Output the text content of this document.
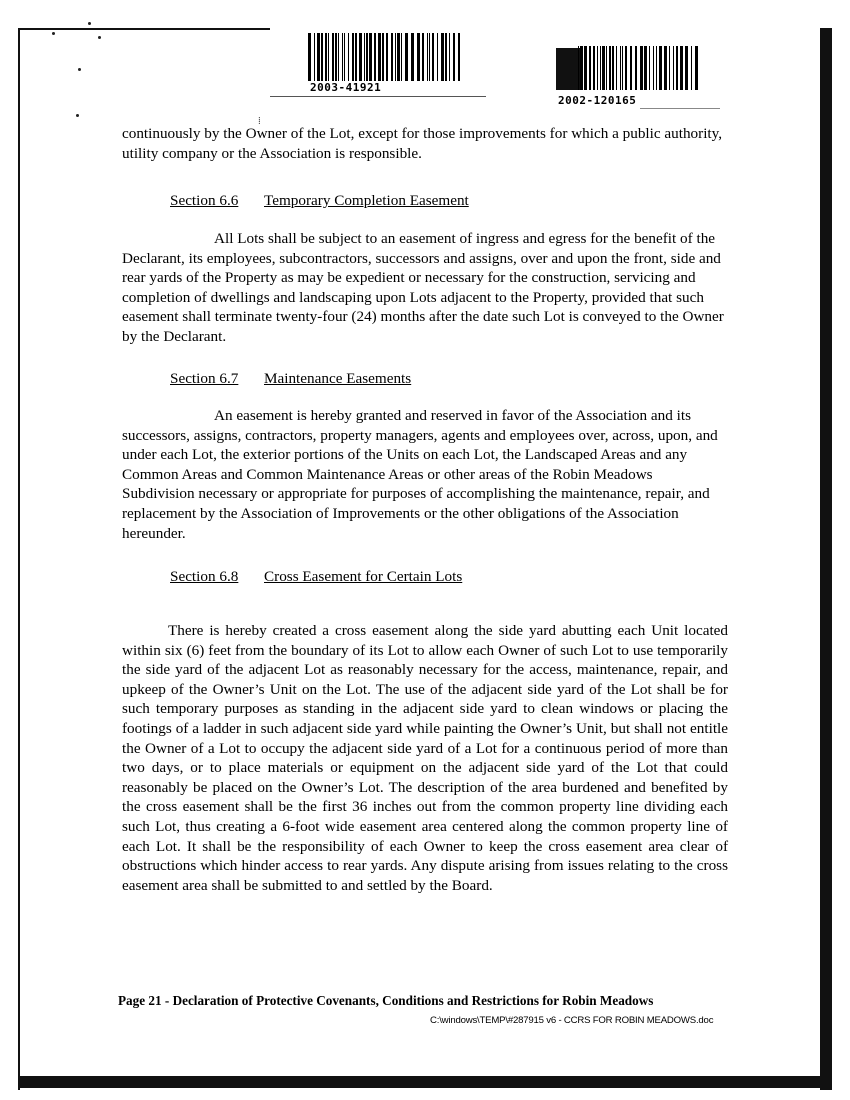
2003-41921
2002-120165
⁞

continuously by the Owner of the Lot, except for those improvements for which a public authority, utility company or the Association is responsible.

Section 6.6 Temporary Completion Easement

All Lots shall be subject to an easement of ingress and egress for the benefit of the Declarant, its employees, subcontractors, successors and assigns, over and upon the front, side and rear yards of the Property as may be expedient or necessary for the construction, servicing and completion of dwellings and landscaping upon Lots adjacent to the Property, provided that such easement shall terminate twenty-four (24) months after the date such Lot is conveyed to the Owner by the Declarant.

Section 6.7 Maintenance Easements

An easement is hereby granted and reserved in favor of the Association and its successors, assigns, contractors, property managers, agents and employees over, across, upon, and under each Lot, the exterior portions of the Units on each Lot, the Landscaped Areas and any Common Areas and Common Maintenance Areas or other areas of the Robin Meadows Subdivision necessary or appropriate for purposes of accomplishing the maintenance, repair, and replacement by the Association of Improvements or the other obligations of the Association hereunder.

Section 6.8 Cross Easement for Certain Lots

There is hereby created a cross easement along the side yard abutting each Unit located within six (6) feet from the boundary of its Lot to allow each Owner of such Lot to use temporarily the side yard of the adjacent Lot as reasonably necessary for the access, maintenance, repair, and upkeep of the Owner’s Unit on the Lot. The use of the adjacent side yard of the Lot shall be for such temporary purposes as standing in the adjacent side yard to clean windows or placing the footings of a ladder in such adjacent side yard while painting the Owner’s Unit, but shall not entitle the Owner of a Lot to occupy the adjacent side yard of a Lot for a continuous period of more than two days, or to place materials or equipment on the adjacent side yard of the Lot that could reasonably be placed on the Owner’s Lot. The description of the area burdened and benefited by the cross easement shall be the first 36 inches out from the common property line dividing each such Lot, thus creating a 6-foot wide easement area centered along the common property line of each Lot. It shall be the responsibility of each Owner to keep the cross easement area clear of obstructions which hinder access to rear yards. Any dispute arising from issues relating to the cross easement area shall be submitted to and settled by the Board.

Page 21 - Declaration of Protective Covenants, Conditions and Restrictions for Robin Meadows
C:\windows\TEMP\#287915 v6 - CCRS FOR ROBIN MEADOWS.doc
